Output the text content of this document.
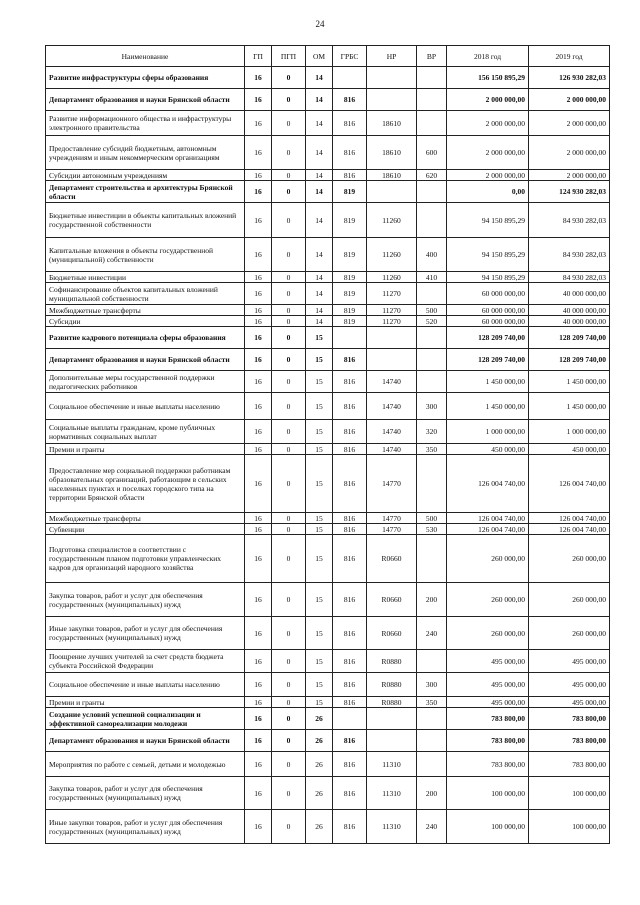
24
Наименование	ГП	ПГП	ОМ	ГРБС	НР	ВР	2018 год	2019 год
Развитие инфраструктуры сферы образования	16	0	14				156 150 895,29	126 930 282,03
Департамент образования и науки Брянской области	16	0	14	816			2 000 000,00	2 000 000,00
Развитие информационного общества и инфраструктуры электронного правительства	16	0	14	816	18610		2 000 000,00	2 000 000,00
Предоставление субсидий бюджетным, автономным учреждениям и иным некоммерческим организациям	16	0	14	816	18610	600	2 000 000,00	2 000 000,00
Субсидии автономным учреждениям	16	0	14	816	18610	620	2 000 000,00	2 000 000,00
Департамент строительства и архитектуры Брянской области	16	0	14	819			0,00	124 930 282,03
Бюджетные инвестиции в объекты капитальных вложений государственной собственности	16	0	14	819	11260		94 150 895,29	84 930 282,03
Капитальные вложения в объекты государственной (муниципальной) собственности	16	0	14	819	11260	400	94 150 895,29	84 930 282,03
Бюджетные инвестиции	16	0	14	819	11260	410	94 150 895,29	84 930 282,03
Софинансирование объектов капитальных вложений муниципальной собственности	16	0	14	819	11270		60 000 000,00	40 000 000,00
Межбюджетные трансферты	16	0	14	819	11270	500	60 000 000,00	40 000 000,00
Субсидии	16	0	14	819	11270	520	60 000 000,00	40 000 000,00
Развитие кадрового потенциала сферы образования	16	0	15				128 209 740,00	128 209 740,00
Департамент образования и науки Брянской области	16	0	15	816			128 209 740,00	128 209 740,00
Дополнительные меры государственной поддержки педагогических работников	16	0	15	816	14740		1 450 000,00	1 450 000,00
Социальное обеспечение и иные выплаты населению	16	0	15	816	14740	300	1 450 000,00	1 450 000,00
Социальные выплаты гражданам, кроме публичных нормативных социальных выплат	16	0	15	816	14740	320	1 000 000,00	1 000 000,00
Премии и гранты	16	0	15	816	14740	350	450 000,00	450 000,00
Предоставление мер социальной поддержки работникам образовательных организаций, работающим в сельских населенных пунктах и поселках городского типа на территории Брянской области	16	0	15	816	14770		126 004 740,00	126 004 740,00
Межбюджетные трансферты	16	0	15	816	14770	500	126 004 740,00	126 004 740,00
Субвенции	16	0	15	816	14770	530	126 004 740,00	126 004 740,00
Подготовка специалистов в соответствии с государственным планом подготовки управленческих кадров для организаций народного хозяйства	16	0	15	816	R0660		260 000,00	260 000,00
Закупка товаров, работ и услуг для обеспечения государственных (муниципальных) нужд	16	0	15	816	R0660	200	260 000,00	260 000,00
Иные закупки товаров, работ и услуг для обеспечения государственных (муниципальных) нужд	16	0	15	816	R0660	240	260 000,00	260 000,00
Поощрение лучших учителей за счет средств бюджета субъекта Российской Федерации	16	0	15	816	R0880		495 000,00	495 000,00
Социальное обеспечение и иные выплаты населению	16	0	15	816	R0880	300	495 000,00	495 000,00
Премии и гранты	16	0	15	816	R0880	350	495 000,00	495 000,00
Создание условий успешной социализации и эффективной самореализации молодежи	16	0	26				783 800,00	783 800,00
Департамент образования и науки Брянской области	16	0	26	816			783 800,00	783 800,00
Мероприятия по работе с семьей, детьми и молодежью	16	0	26	816	11310		783 800,00	783 800,00
Закупка товаров, работ и услуг для обеспечения государственных (муниципальных) нужд	16	0	26	816	11310	200	100 000,00	100 000,00
Иные закупки товаров, работ и услуг для обеспечения государственных (муниципальных) нужд	16	0	26	816	11310	240	100 000,00	100 000,00
